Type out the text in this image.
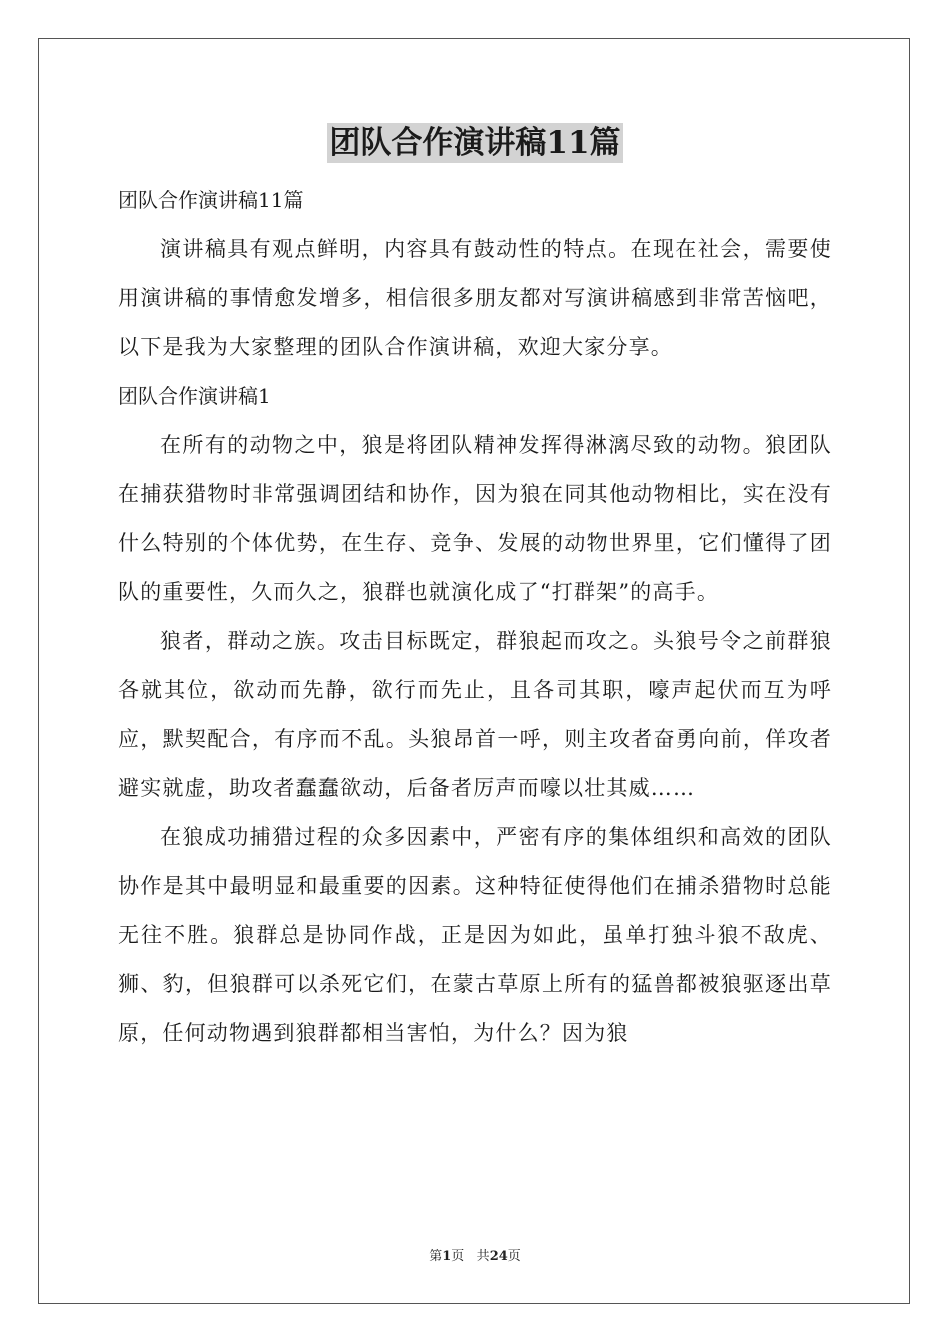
团队合作演讲稿11篇

团队合作演讲稿11篇

演讲稿具有观点鲜明，内容具有鼓动性的特点。在现在社会，需要使用演讲稿的事情愈发增多，相信很多朋友都对写演讲稿感到非常苦恼吧，以下是我为大家整理的团队合作演讲稿，欢迎大家分享。

团队合作演讲稿1

在所有的动物之中，狼是将团队精神发挥得淋漓尽致的动物。狼团队在捕获猎物时非常强调团结和协作，因为狼在同其他动物相比，实在没有什么特别的个体优势，在生存、竞争、发展的动物世界里，它们懂得了团队的重要性，久而久之，狼群也就演化成了“打群架”的高手。

狼者，群动之族。攻击目标既定，群狼起而攻之。头狼号令之前群狼各就其位，欲动而先静，欲行而先止，且各司其职，嚎声起伏而互为呼应，默契配合，有序而不乱。头狼昂首一呼，则主攻者奋勇向前，佯攻者避实就虚，助攻者蠢蠢欲动，后备者厉声而嚎以壮其威……

在狼成功捕猎过程的众多因素中，严密有序的集体组织和高效的团队协作是其中最明显和最重要的因素。这种特征使得他们在捕杀猎物时总能无往不胜。狼群总是协同作战，正是因为如此，虽单打独斗狼不敌虎、狮、豹，但狼群可以杀死它们，在蒙古草原上所有的猛兽都被狼驱逐出草原，任何动物遇到狼群都相当害怕，为什么？因为狼

第1页 共24页
